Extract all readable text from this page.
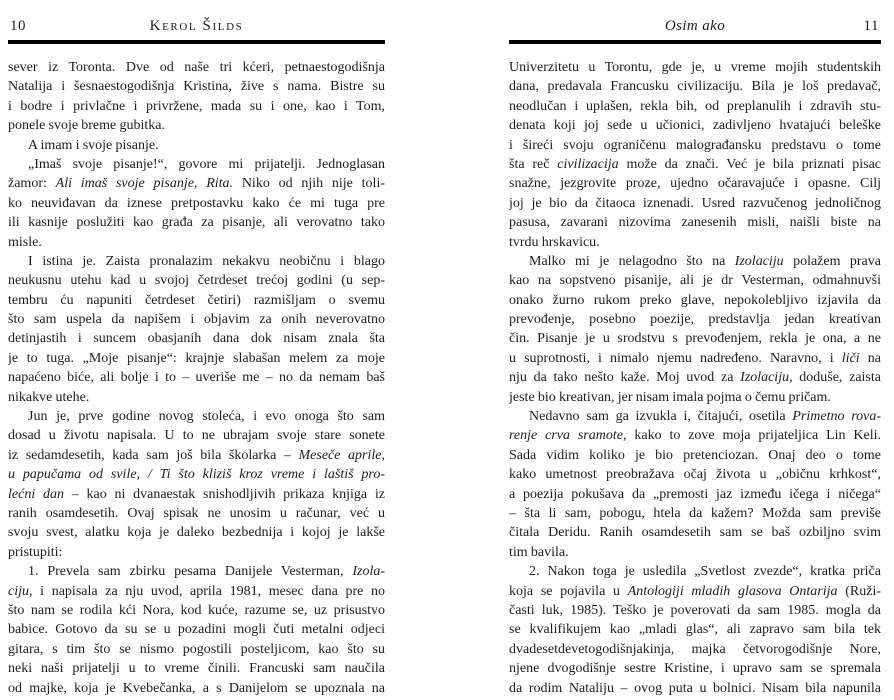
10	Kerol Šilds
sever iz Toronta. Dve od naše tri kćeri, petnaestogodišnja
Natalija i šesnaestogodišnja Kristina, žive s nama. Bistre su
i bodre i privlačne i privržene, mada su i one, kao i Tom,
ponele svoje breme gubitka.
A imam i svoje pisanje.
„Imaš svoje pisanje!“, govore mi prijatelji. Jednoglasan
žamor: Ali imaš svoje pisanje, Rita. Niko od njih nije toli-
ko neuviđavan da iznese pretpostavku kako će mi tuga pre
ili kasnije poslužiti kao građa za pisanje, ali verovatno tako
misle.
I istina je. Zaista pronalazim nekakvu neobičnu i blago
neukusnu utehu kad u svojoj četrdeset trećoj godini (u sep-
tembru ću napuniti četrdeset četiri) razmišljam o svemu
što sam uspela da napišem i objavim za onih neverovatno
detinjastih i suncem obasjanih dana dok nisam znala šta
je to tuga. „Moje pisanje“: krajnje slabašan melem za moje
napaćeno biće, ali bolje i to – uveriše me – no da nemam baš
nikakve utehe.
Jun je, prve godine novog stoleća, i evo onoga što sam
dosad u životu napisala. U to ne ubrajam svoje stare sonete
iz sedamdesetih, kada sam još bila školarka – Meseče aprile,
u papučama od svile, / Ti što kliziš kroz vreme i laštiš pro-
lećni dan – kao ni dvanaestak snishodljivih prikaza knjiga iz
ranih osamdesetih. Ovaj spisak ne unosim u računar, već u
svoju svest, alatku koja je daleko bezbednija i kojoj je lakše
pristupiti:
1. Prevela sam zbirku pesama Danijele Vesterman, Izola-
ciju, i napisala za nju uvod, aprila 1981, mesec dana pre no
što nam se rodila kći Nora, kod kuće, razume se, uz prisustvo
babice. Gotovo da su se u pozadini mogli čuti metalni odjeci
gitara, s tim što se nismo pogostili posteljicom, kao što su
neki naši prijatelji u to vreme činili. Francuski sam naučila
od majke, koja je Kvebečanka, a s Danijelom se upoznala na
Osim ako	11
Univerzitetu u Torontu, gde je, u vreme mojih studentskih
dana, predavala Francusku civilizaciju. Bila je loš predavač,
neodlučan i uplašen, rekla bih, od preplanulih i zdravih stu-
denata koji joj sede u učionici, zadivljeno hvatajući beleške
i šireći svoju ograničenu malograđansku predstavu o tome
šta reč civilizacija može da znači. Već je bila priznati pisac
snažne, jezgrovite proze, ujedno očaravajuće i opasne. Cilj
joj je bio da čitaoca iznenadi. Usred razvučenog jednoličnog
pasusa, zavarani nizovima zanesenih misli, naišli biste na
tvrdu hrskavicu.
Malko mi je nelagodno što na Izolaciju polažem prava
kao na sopstveno pisanije, ali je dr Vesterman, odmahnuvši
onako žurno rukom preko glave, nepokolebljivo izjavila da
prevođenje, posebno poezije, predstavlja jedan kreativan
čin. Pisanje je u srodstvu s prevođenjem, rekla je ona, a ne
u suprotnosti, i nimalo njemu nadređeno. Naravno, i liči na
nju da tako nešto kaže. Moj uvod za Izolaciju, doduše, zaista
jeste bio kreativan, jer nisam imala pojma o čemu pričam.
Nedavno sam ga izvukla i, čitajući, osetila Primetno rova-
renje crva sramote, kako to zove moja prijateljica Lin Keli.
Sada vidim koliko je bio pretenciozan. Onaj deo o tome
kako umetnost preobražava očaj života u „običnu krhkost“,
a poezija pokušava da „premosti jaz između ičega i ničega“
– šta li sam, pobogu, htela da kažem? Možda sam previše
čitala Deridu. Ranih osamdesetih sam se baš ozbiljno svim
tim bavila.
2. Nakon toga je usledila „Svetlost zvezde“, kratka priča
koja se pojavila u Antologiji mladih glasova Ontarija (Ruži-
časti luk, 1985). Teško je poverovati da sam 1985. mogla da
se kvalifikujem kao „mladi glas“, ali zapravo sam bila tek
dvadesetdevetogodišnjakinja, majka četvorogodišnje Nore,
njene dvogodišnje sestre Kristine, i upravo sam se spremala
da rodim Nataliju – ovog puta u bolnici. Nisam bila napunila
